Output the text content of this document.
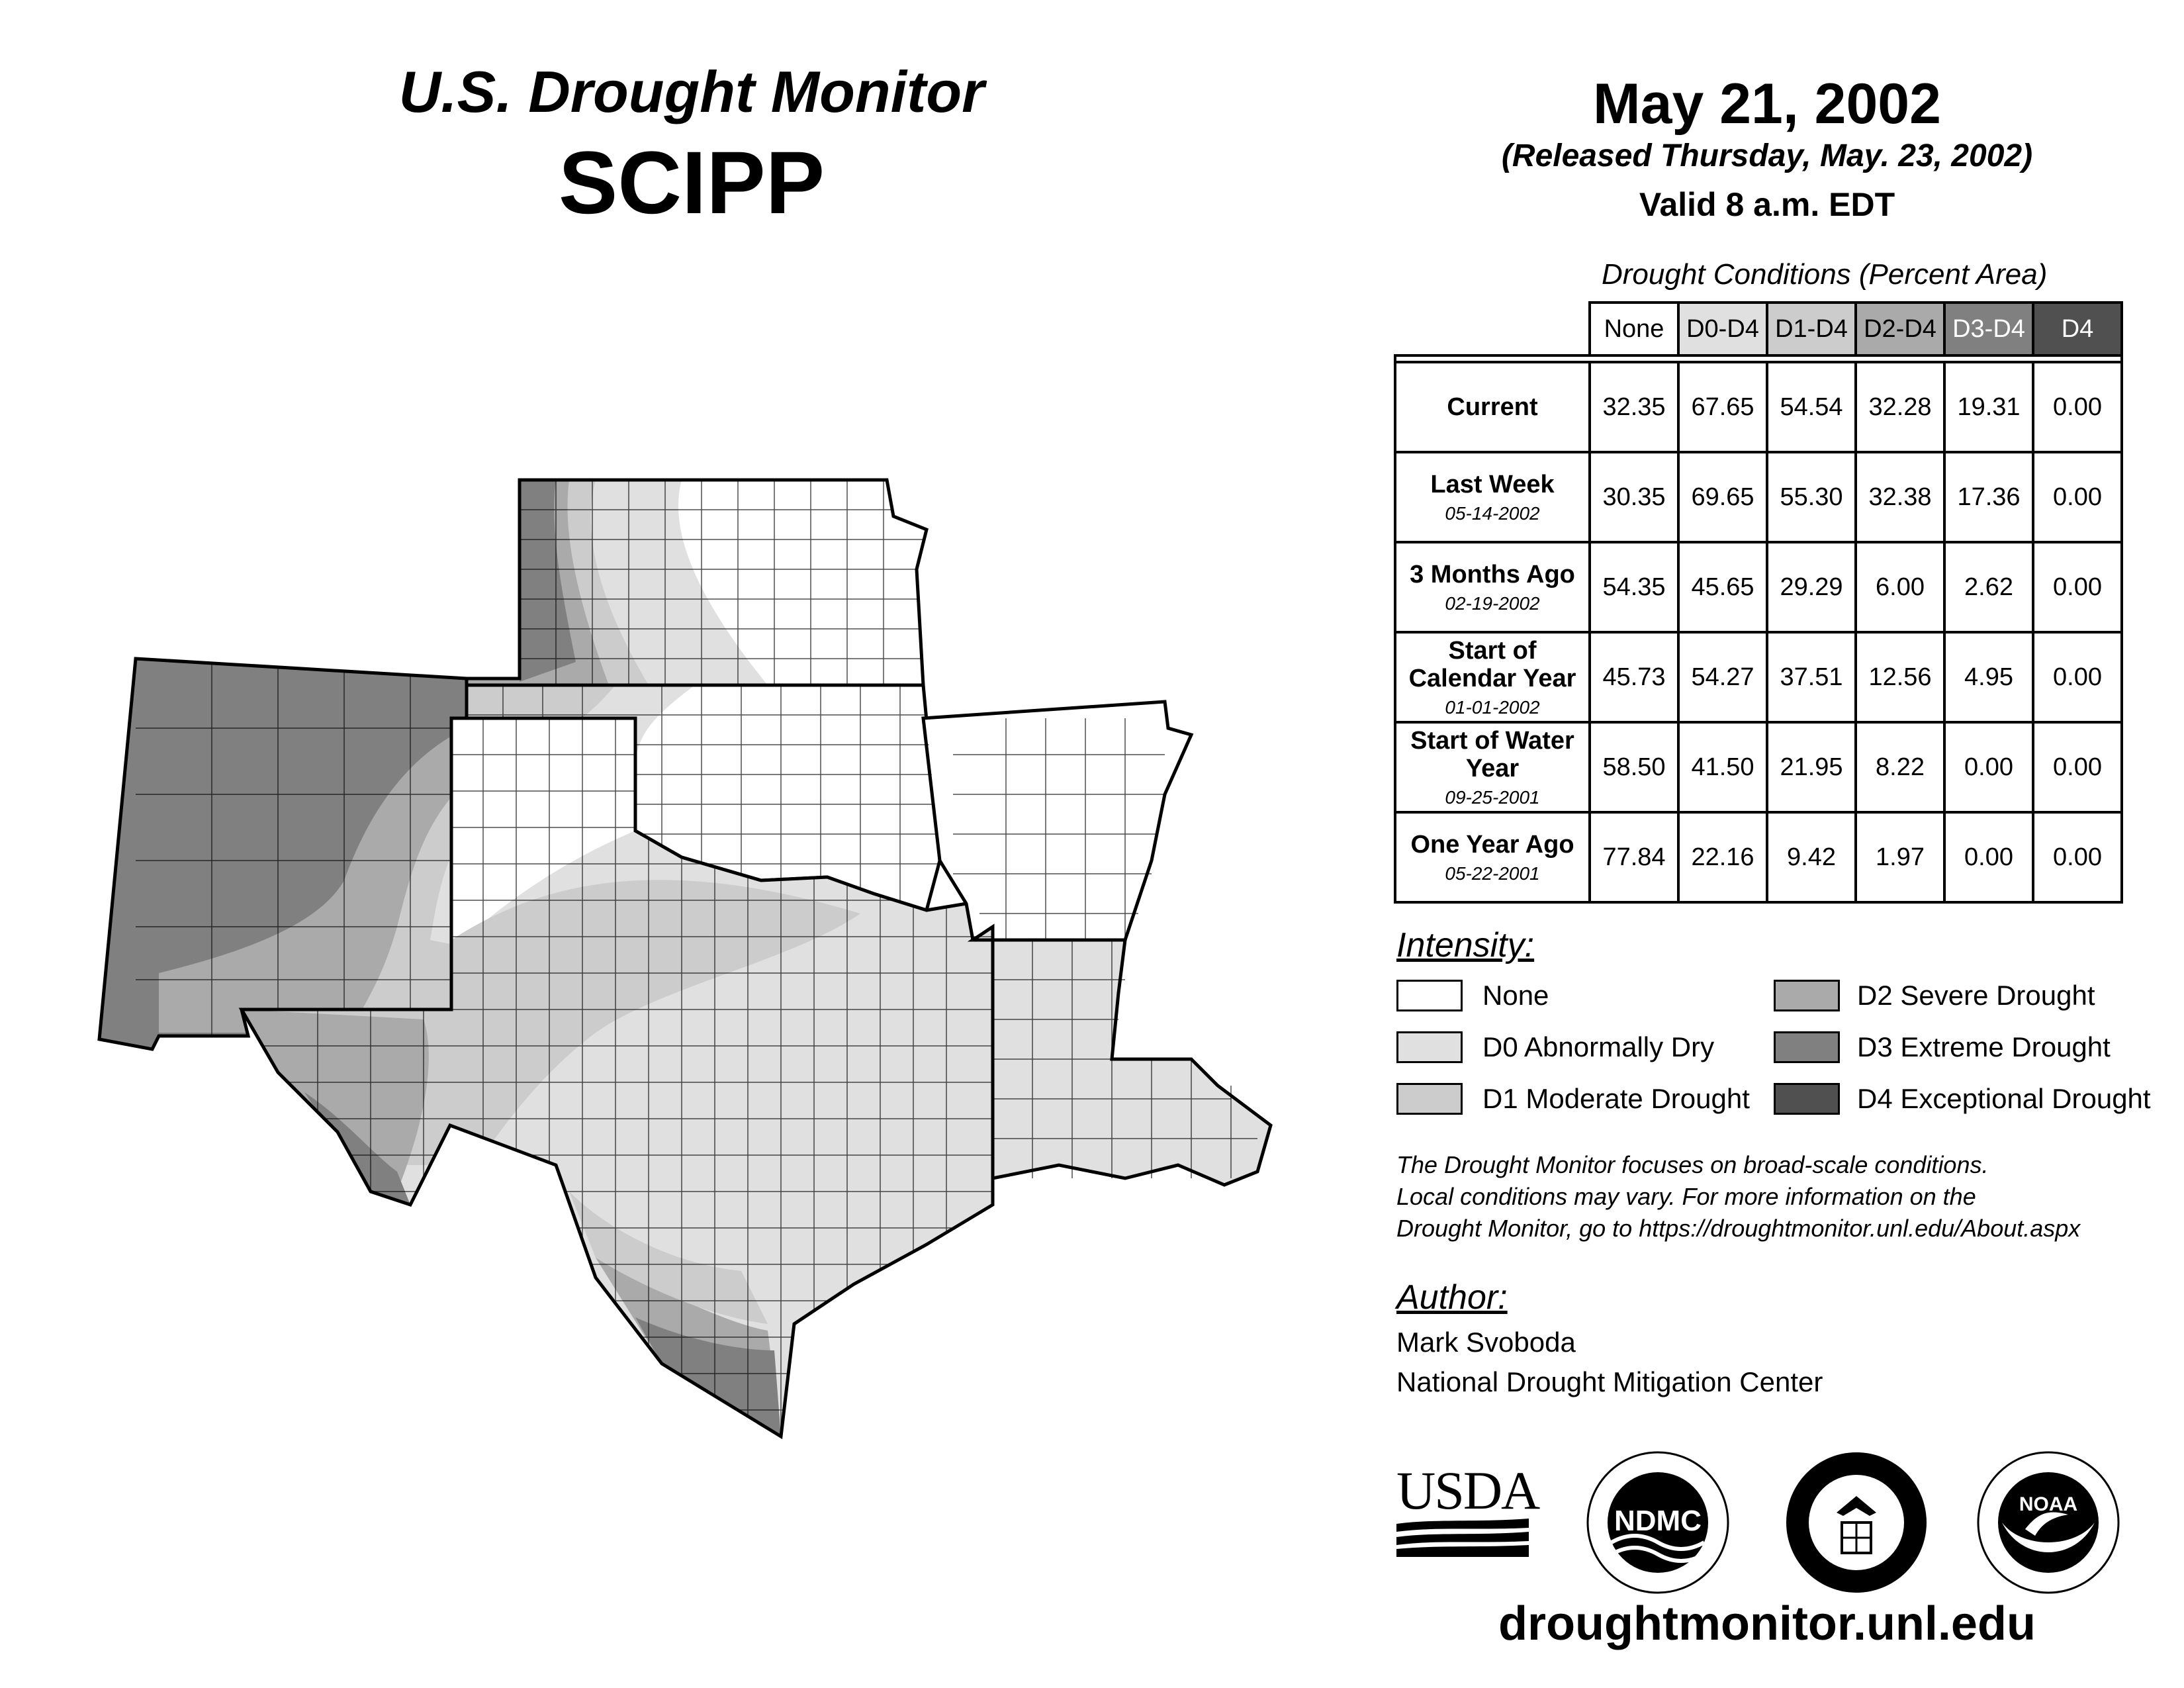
U.S. Drought Monitor
SCIPP
May 21, 2002
(Released Thursday, May. 23, 2002)
Valid 8 a.m. EDT
Drought Conditions (Percent Area)
	None	D0-D4	D1-D4	D2-D4	D3-D4	D4

Current	32.35	67.65	54.54	32.28	19.31	0.00
Last Week
05-14-2002	30.35	69.65	55.30	32.38	17.36	0.00
3 Months Ago
02-19-2002	54.35	45.65	29.29	6.00	2.62	0.00
Start of Calendar Year
01-01-2002	45.73	54.27	37.51	12.56	4.95	0.00
Start of Water Year
09-25-2001	58.50	41.50	21.95	8.22	0.00	0.00
One Year Ago
05-22-2001	77.84	22.16	9.42	1.97	0.00	0.00
Intensity:
None
D0 Abnormally Dry
D1 Moderate Drought
D2 Severe Drought
D3 Extreme Drought
D4 Exceptional Drought
The Drought Monitor focuses on broad-scale conditions.
Local conditions may vary. For more information on the
Drought Monitor, go to https://droughtmonitor.unl.edu/About.aspx
Author:
Mark Svoboda
National Drought Mitigation Center
USDA
NDMC
NOAA
droughtmonitor.unl.edu
